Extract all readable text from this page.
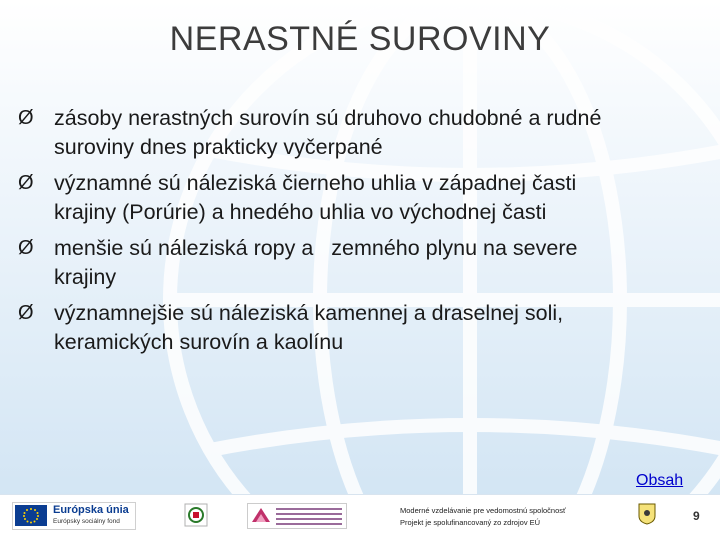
NERASTNÉ SUROVINY
Ø zásoby nerastných surovín sú druhovo chudobné a rudné
suroviny dnes prakticky vyčerpané
Ø významné sú náleziská čierneho uhlia v západnej časti
krajiny (Porúrie) a hnedého uhlia vo východnej časti
Ø menšie sú náleziská ropy a   zemného plynu na severe
krajiny
Ø významnejšie sú náleziská kamennej a draselnej soli,
keramických surovín a kaolínu
Obsah
Európska únia
Európsky sociálny fond
Moderné vzdelávanie pre vedomostnú spoločnosť
Projekt je spolufinancovaný zo zdrojov EÚ	9
